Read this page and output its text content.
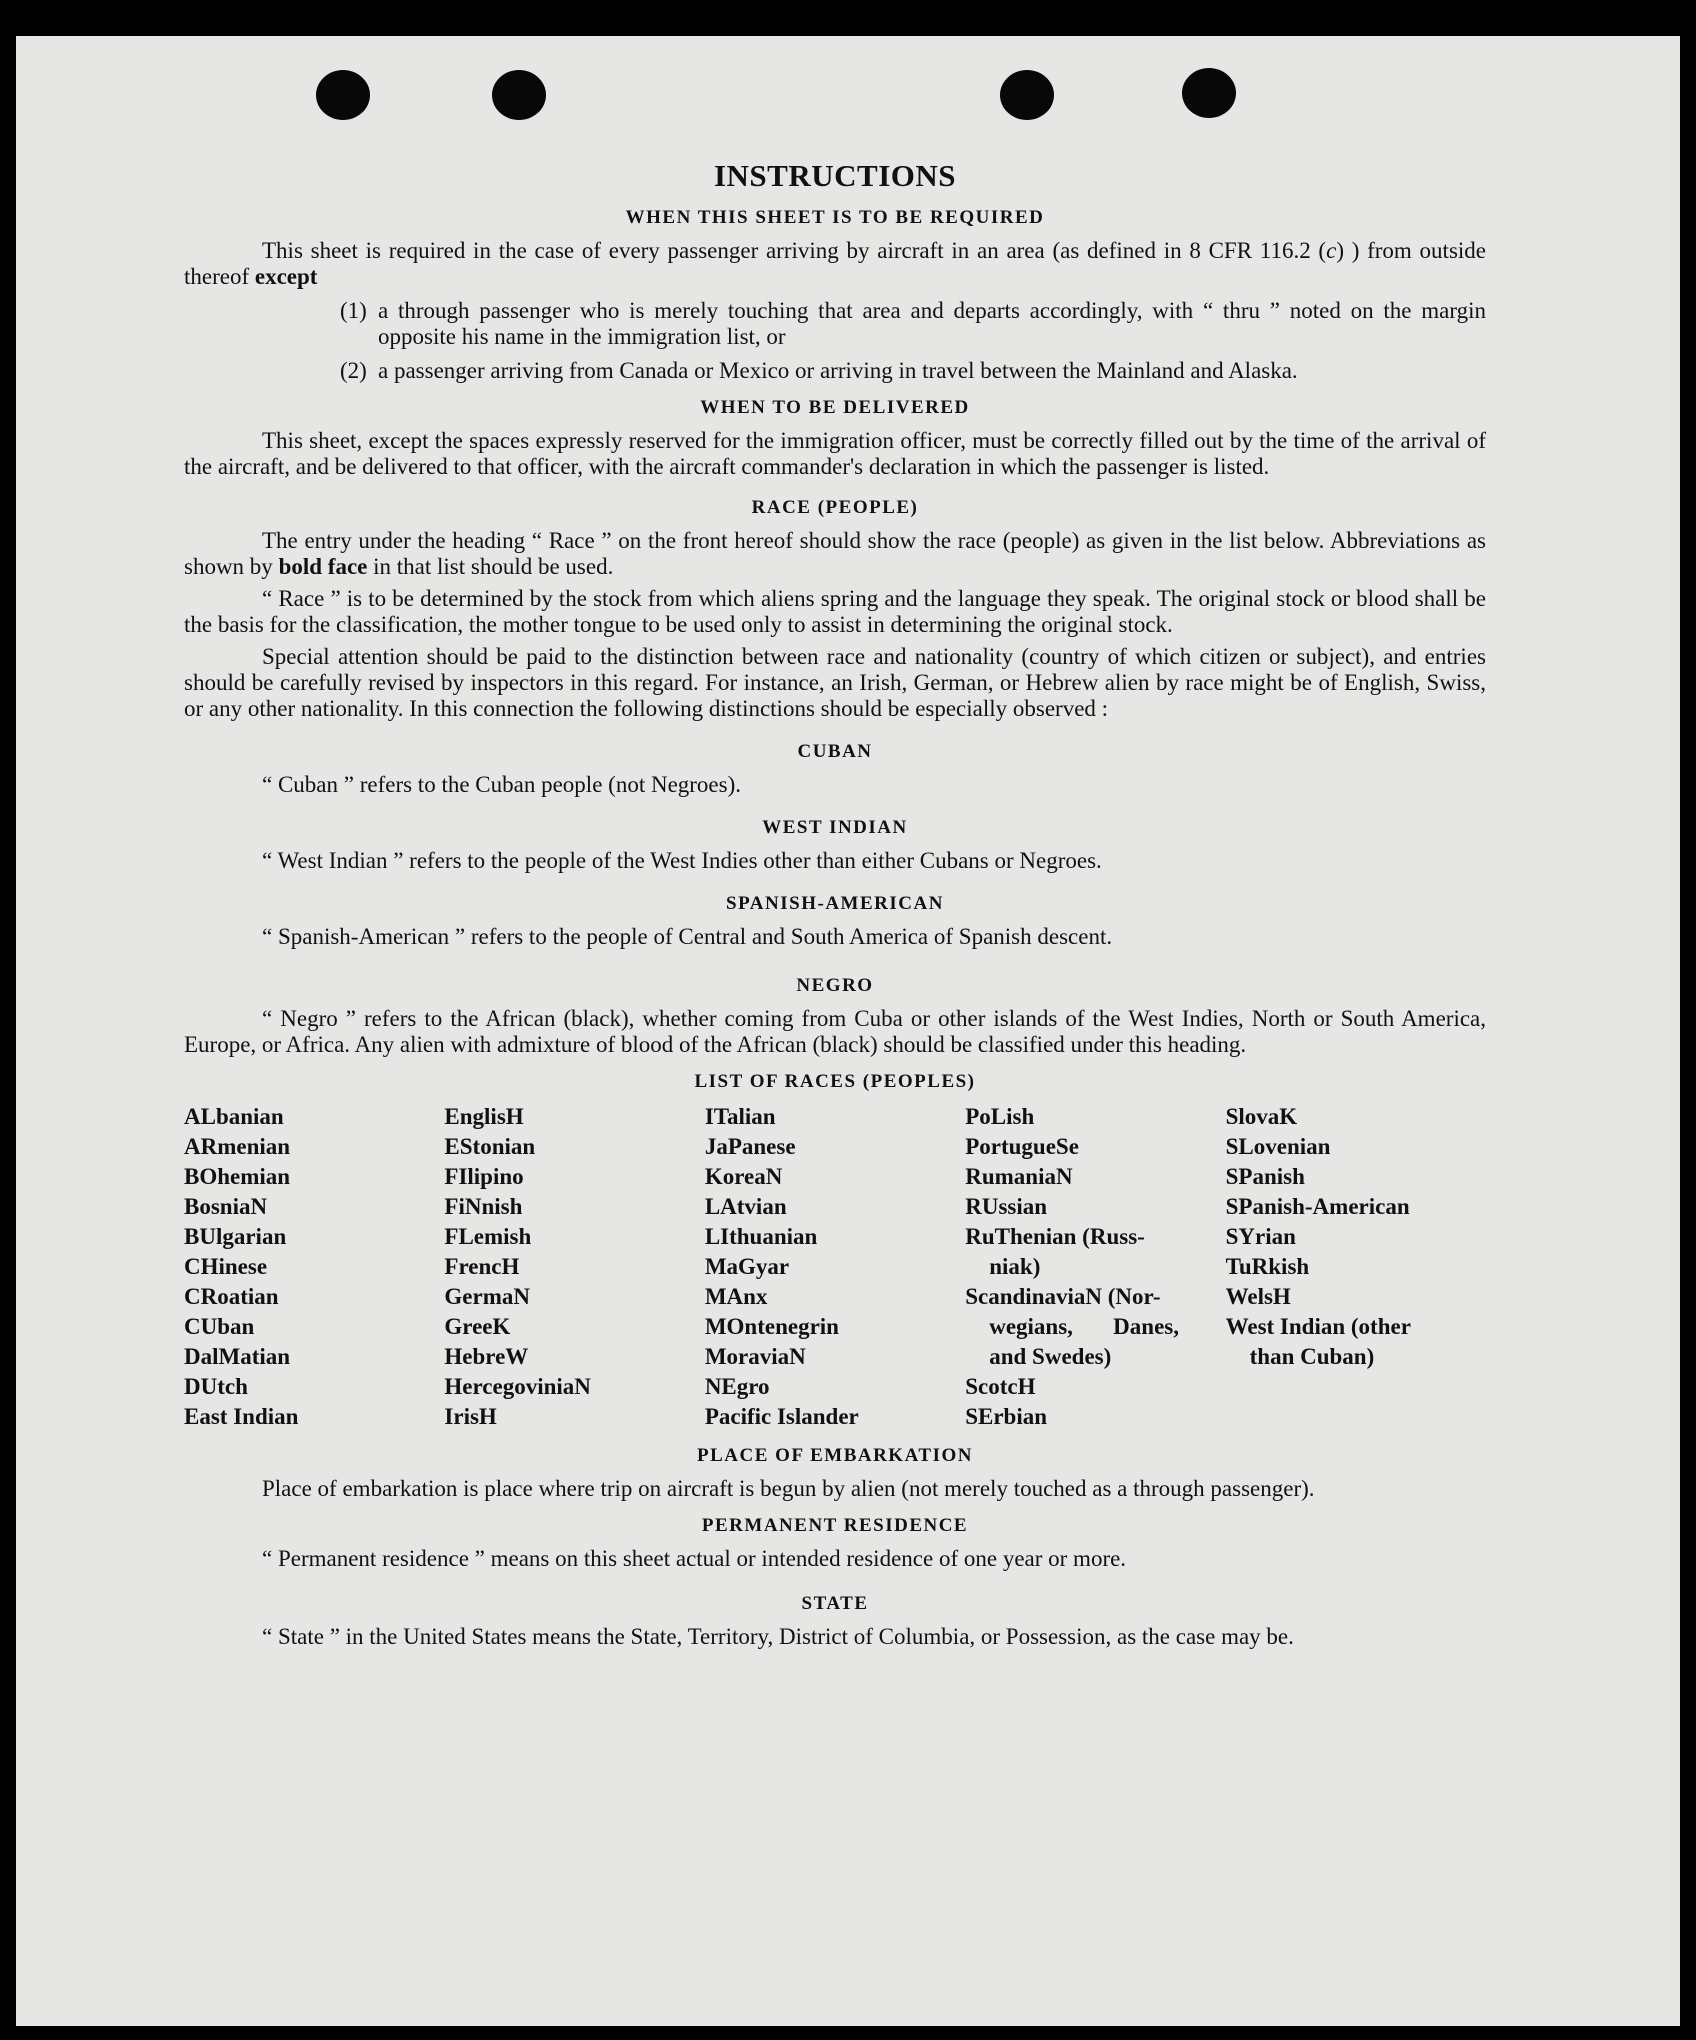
INSTRUCTIONS
WHEN THIS SHEET IS TO BE REQUIRED

This sheet is required in the case of every passenger arriving by aircraft in an area (as defined in 8 CFR 116.2 (c) ) from outside thereof except

(1) a through passenger who is merely touching that area and departs accordingly, with “ thru ” noted on the margin opposite his name in the immigration list, or
(2) a passenger arriving from Canada or Mexico or arriving in travel between the Mainland and Alaska.
WHEN TO BE DELIVERED

This sheet, except the spaces expressly reserved for the immigration officer, must be correctly filled out by the time of the arrival of the aircraft, and be delivered to that officer, with the aircraft commander's declaration in which the passenger is listed.

RACE (PEOPLE)

The entry under the heading “ Race ” on the front hereof should show the race (people) as given in the list below. Abbreviations as shown by bold face in that list should be used.

“ Race ” is to be determined by the stock from which aliens spring and the language they speak. The original stock or blood shall be the basis for the classification, the mother tongue to be used only to assist in determining the original stock.

Special attention should be paid to the distinction between race and nationality (country of which citizen or subject), and entries should be carefully revised by inspectors in this regard. For instance, an Irish, German, or Hebrew alien by race might be of English, Swiss, or any other nationality. In this connection the following distinctions should be especially observed :

CUBAN

“ Cuban ” refers to the Cuban people (not Negroes).

WEST INDIAN

“ West Indian ” refers to the people of the West Indies other than either Cubans or Negroes.

SPANISH-AMERICAN

“ Spanish-American ” refers to the people of Central and South America of Spanish descent.

NEGRO

“ Negro ” refers to the African (black), whether coming from Cuba or other islands of the West Indies, North or South America, Europe, or Africa. Any alien with admixture of blood of the African (black) should be classified under this heading.

LIST OF RACES (PEOPLES)
ALbanian
ARmenian
BOhemian
BosniaN
BUlgarian
CHinese
CRoatian
CUban
DalMatian
DUtch
East Indian
EnglisH
EStonian
FIlipino
FiNnish
FLemish
FrencH
GermaN
GreeK
HebreW
HercegoviniaN
IrisH
ITalian
JaPanese
KoreaN
LAtvian
LIthuanian
MaGyar
MAnx
MOntenegrin
MoraviaN
NEgro
Pacific Islander
PoLish
PortugueSe
RumaniaN
RUssian
RuThenian (Russ-
niak)
ScandinaviaN (Nor-
wegians,       Danes,
and Swedes)
ScotcH
SErbian
SlovaK
SLovenian
SPanish
SPanish-American
SYrian
TuRkish
WelsH
West Indian (other
than Cuban)
PLACE OF EMBARKATION

Place of embarkation is place where trip on aircraft is begun by alien (not merely touched as a through passenger).

PERMANENT RESIDENCE

“ Permanent residence ” means on this sheet actual or intended residence of one year or more.

STATE

“ State ” in the United States means the State, Territory, District of Columbia, or Possession, as the case may be.
